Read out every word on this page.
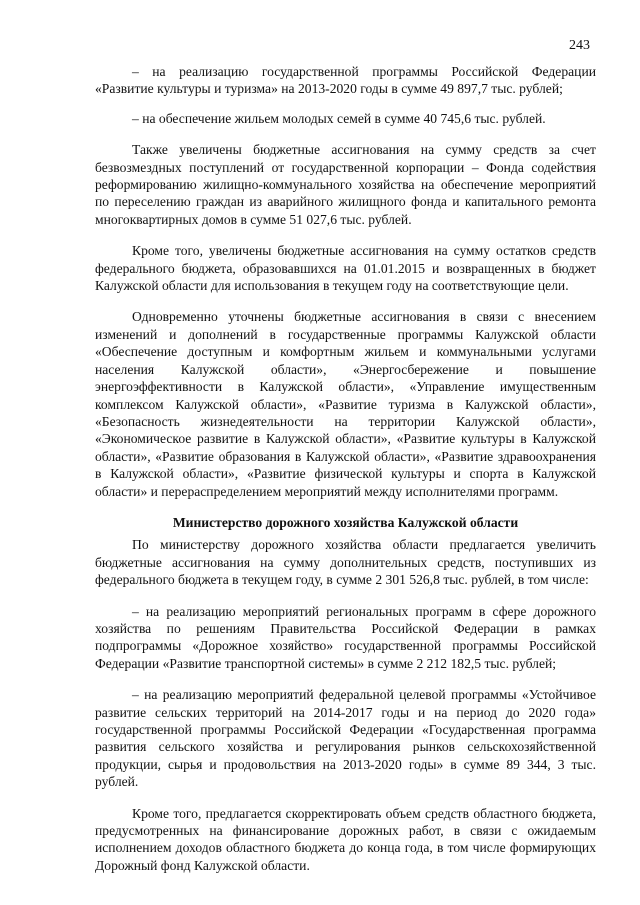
243

– на реализацию государственной программы Российской Федерации «Развитие культуры и туризма» на 2013-2020 годы в сумме 49 897,7 тыс. рублей;

– на обеспечение жильем молодых семей в сумме 40 745,6 тыс. рублей.

Также увеличены бюджетные ассигнования на сумму средств за счет безвозмездных поступлений от государственной корпорации – Фонда содействия реформированию жилищно-коммунального хозяйства на обеспечение мероприятий по переселению граждан из аварийного жилищного фонда и капитального ремонта многоквартирных домов в сумме 51 027,6 тыс. рублей.

Кроме того, увеличены бюджетные ассигнования на сумму остатков средств федерального бюджета, образовавшихся на 01.01.2015 и возвращенных в бюджет Калужской области для использования в текущем году на соответствующие цели.

Одновременно уточнены бюджетные ассигнования в связи с внесением изменений и дополнений в государственные программы Калужской области «Обеспечение доступным и комфортным жильем и коммунальными услугами населения Калужской области», «Энергосбережение и повышение энергоэффективности в Калужской области», «Управление имущественным комплексом Калужской области», «Развитие туризма в Калужской области», «Безопасность жизнедеятельности на территории Калужской области», «Экономическое развитие в Калужской области», «Развитие культуры в Калужской области», «Развитие образования в Калужской области», «Развитие здравоохранения в Калужской области», «Развитие физической культуры и спорта в Калужской области» и перераспределением мероприятий между исполнителями программ.

Министерство дорожного хозяйства Калужской области

По министерству дорожного хозяйства области предлагается увеличить бюджетные ассигнования на сумму дополнительных средств, поступивших из федерального бюджета в текущем году, в сумме 2 301 526,8 тыс. рублей, в том числе:

– на реализацию мероприятий региональных программ в сфере дорожного хозяйства по решениям Правительства Российской Федерации в рамках подпрограммы «Дорожное хозяйство» государственной программы Российской Федерации «Развитие транспортной системы» в сумме 2 212 182,5 тыс. рублей;

– на реализацию мероприятий федеральной целевой программы «Устойчивое развитие сельских территорий на 2014-2017 годы и на период до 2020 года» государственной программы Российской Федерации «Государственная программа развития сельского хозяйства и регулирования рынков сельскохозяйственной продукции, сырья и продовольствия на 2013-2020 годы» в сумме 89 344, 3 тыс. рублей.

Кроме того, предлагается скорректировать объем средств областного бюджета, предусмотренных на финансирование дорожных работ, в связи с ожидаемым исполнением доходов областного бюджета до конца года, в том числе формирующих Дорожный фонд Калужской области.
